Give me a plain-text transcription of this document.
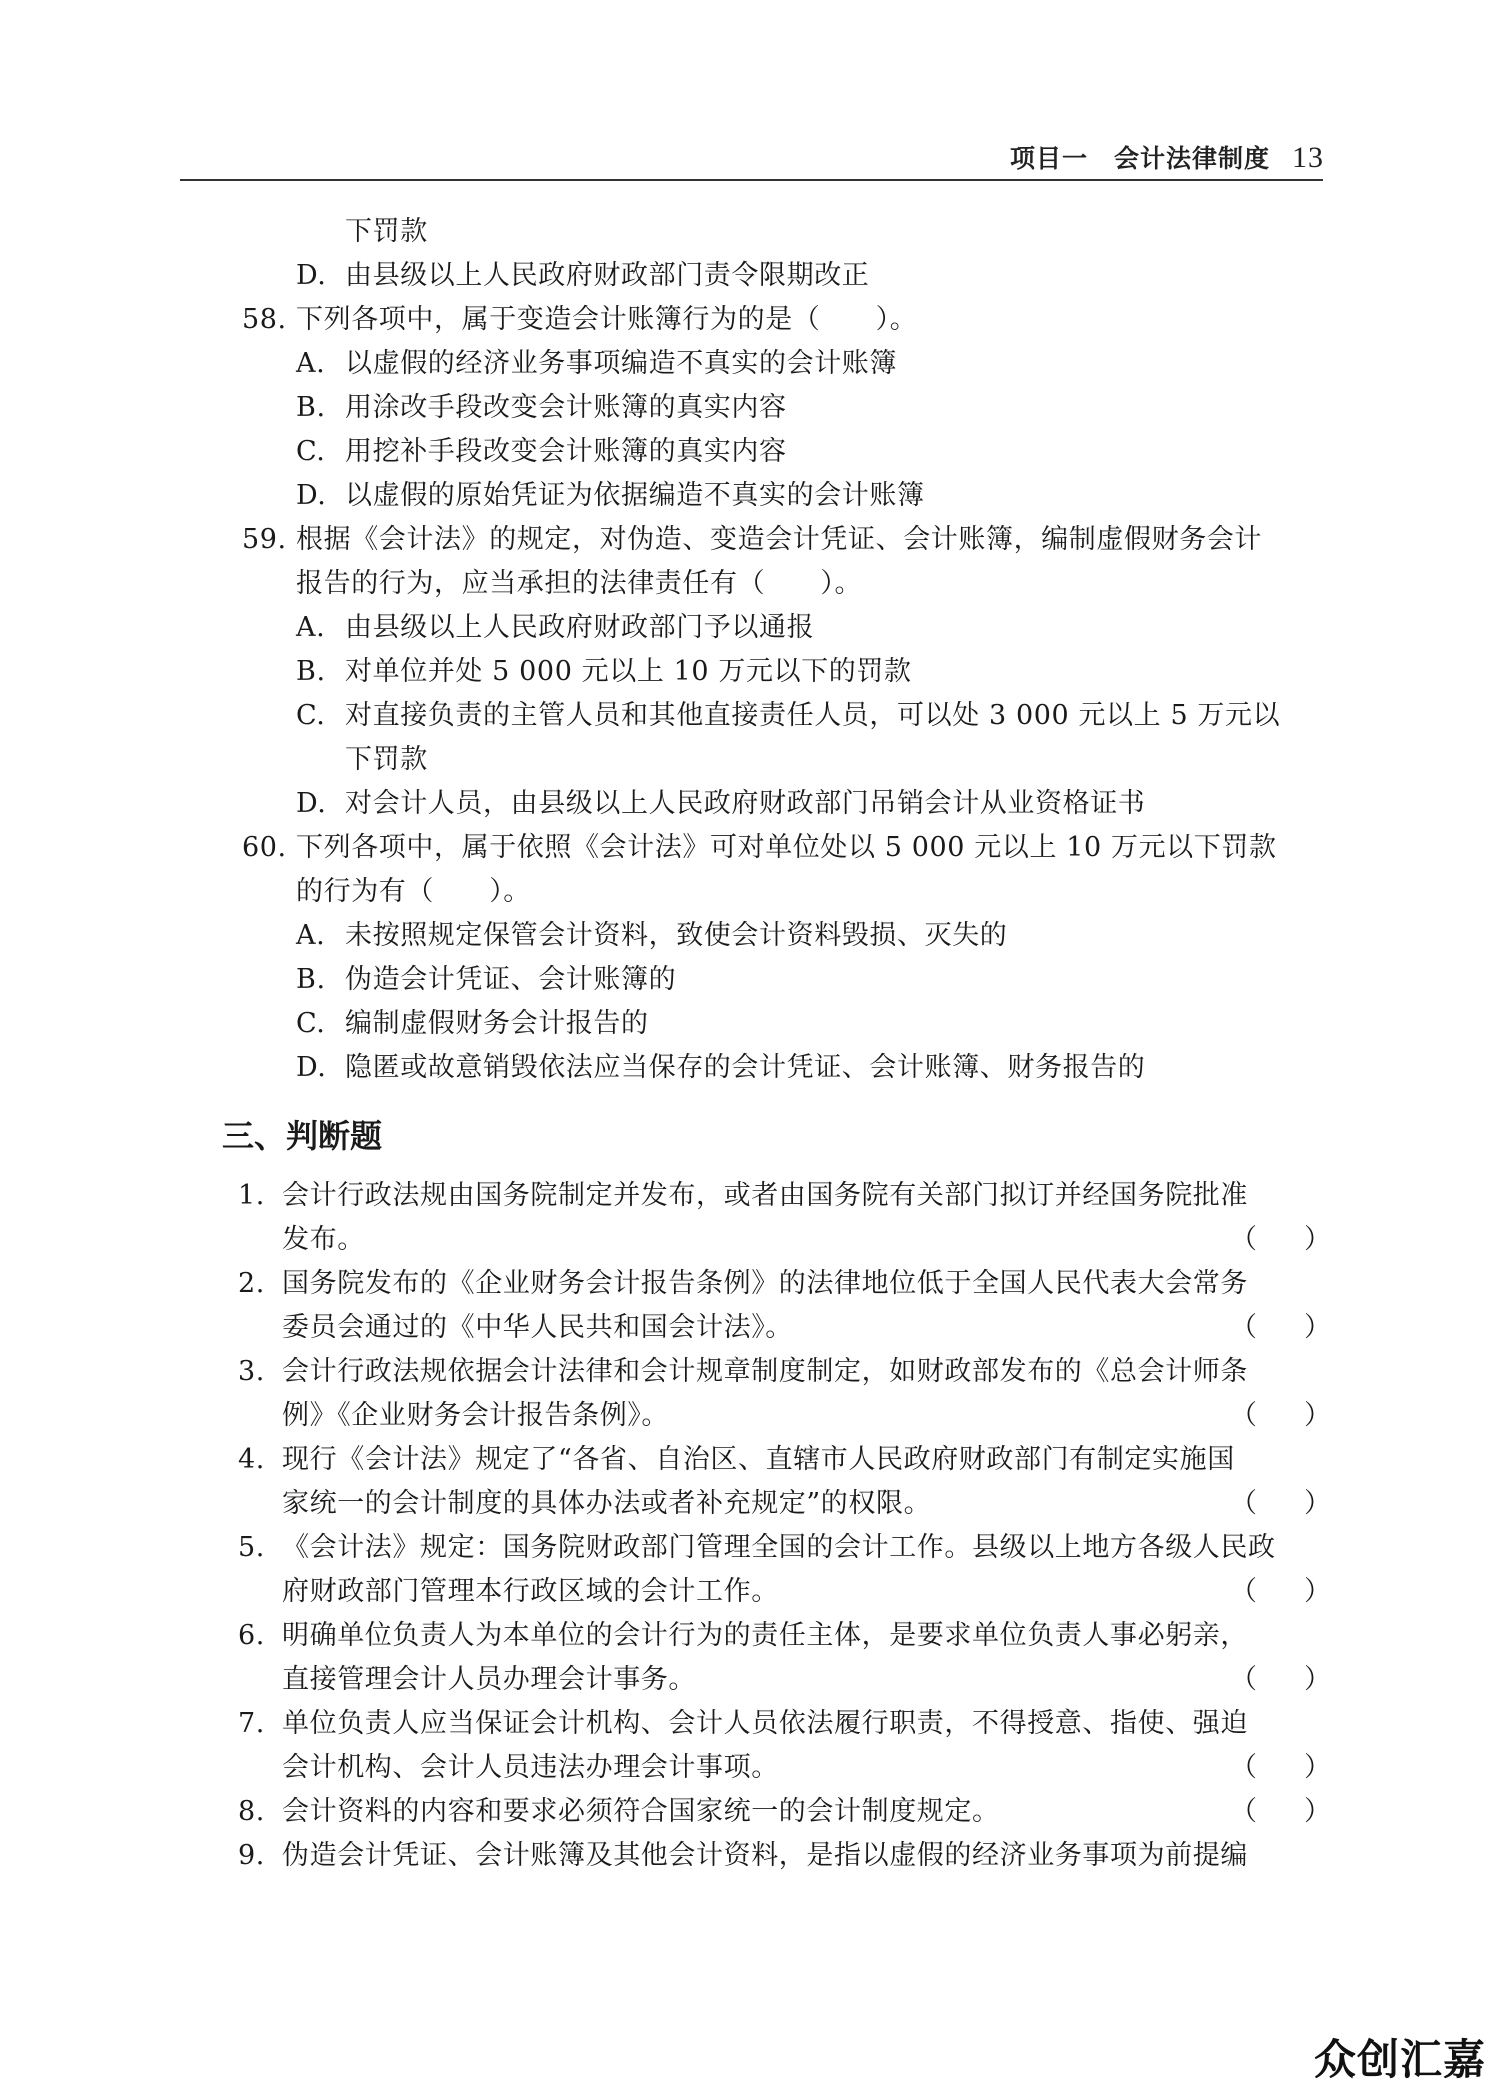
项目一 会计法律制度 13
下罚款
D. 由县级以上人民政府财政部门责令限期改正
58. 下列各项中，属于变造会计账簿行为的是（　　）。
A. 以虚假的经济业务事项编造不真实的会计账簿
B. 用涂改手段改变会计账簿的真实内容
C. 用挖补手段改变会计账簿的真实内容
D. 以虚假的原始凭证为依据编造不真实的会计账簿
59. 根据《会计法》的规定，对伪造、变造会计凭证、会计账簿，编制虚假财务会计
报告的行为，应当承担的法律责任有（　　）。
A. 由县级以上人民政府财政部门予以通报
B. 对单位并处 5 000 元以上 10 万元以下的罚款
C. 对直接负责的主管人员和其他直接责任人员，可以处 3 000 元以上 5 万元以
下罚款
D. 对会计人员，由县级以上人民政府财政部门吊销会计从业资格证书
60. 下列各项中，属于依照《会计法》可对单位处以 5 000 元以上 10 万元以下罚款
的行为有（　　）。
A. 未按照规定保管会计资料，致使会计资料毁损、灭失的
B. 伪造会计凭证、会计账簿的
C. 编制虚假财务会计报告的
D. 隐匿或故意销毁依法应当保存的会计凭证、会计账簿、财务报告的
三、判断题
1. 会计行政法规由国务院制定并发布，或者由国务院有关部门拟订并经国务院批准
发布。	（ ）
2. 国务院发布的《企业财务会计报告条例》的法律地位低于全国人民代表大会常务
委员会通过的《中华人民共和国会计法》。	（ ）
3. 会计行政法规依据会计法律和会计规章制度制定，如财政部发布的《总会计师条
例》《企业财务会计报告条例》。	（ ）
4. 现行《会计法》规定了“各省、自治区、直辖市人民政府财政部门有制定实施国
家统一的会计制度的具体办法或者补充规定”的权限。	（ ）
5. 《会计法》规定：国务院财政部门管理全国的会计工作。县级以上地方各级人民政
府财政部门管理本行政区域的会计工作。	（ ）
6. 明确单位负责人为本单位的会计行为的责任主体，是要求单位负责人事必躬亲，
直接管理会计人员办理会计事务。	（ ）
7. 单位负责人应当保证会计机构、会计人员依法履行职责，不得授意、指使、强迫
会计机构、会计人员违法办理会计事项。	（ ）
8. 会计资料的内容和要求必须符合国家统一的会计制度规定。	（ ）
9. 伪造会计凭证、会计账簿及其他会计资料，是指以虚假的经济业务事项为前提编
众创汇嘉
